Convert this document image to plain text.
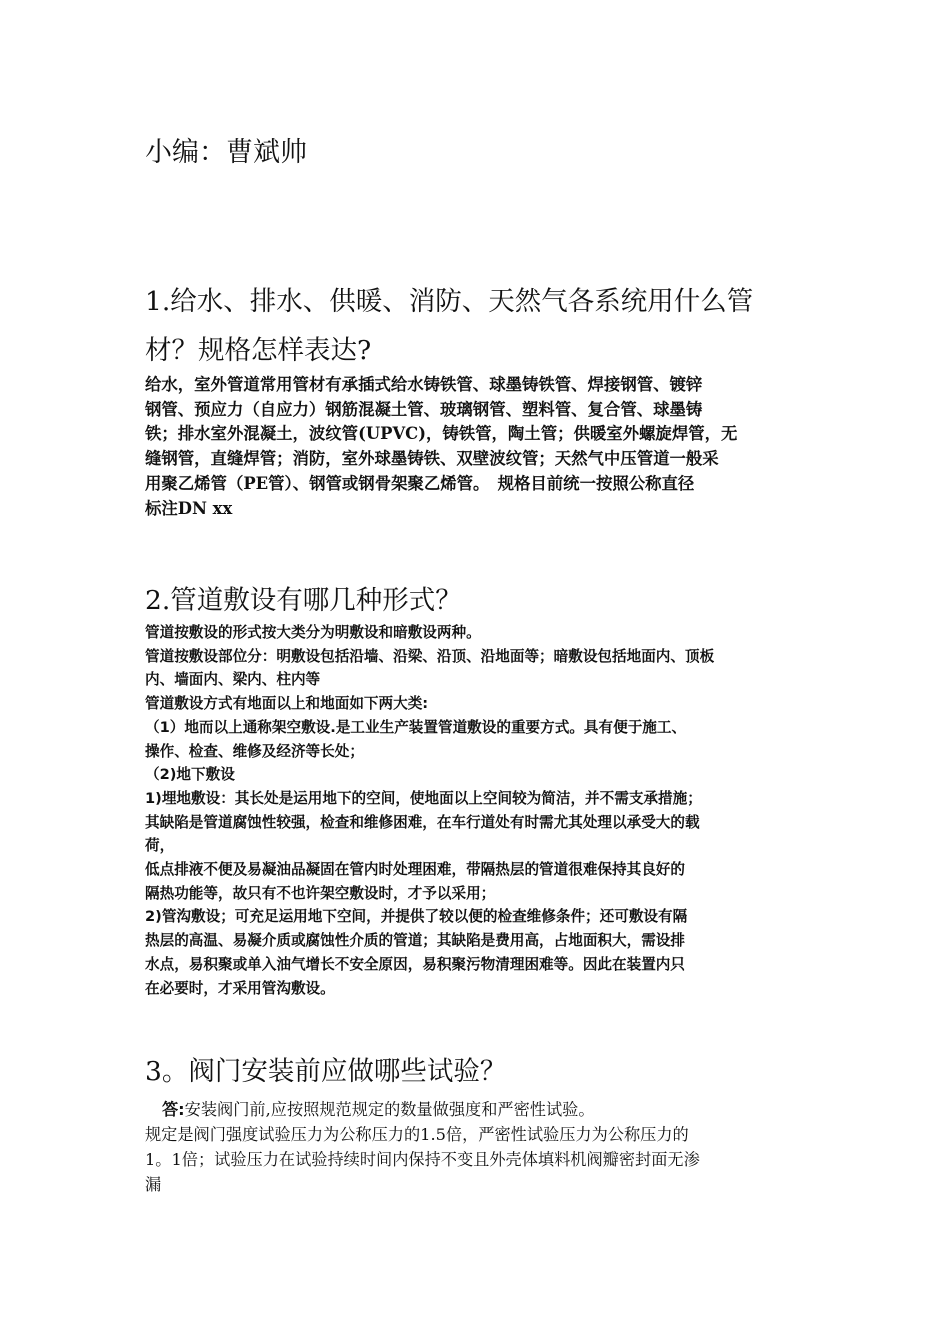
小编：曹斌帅
1.给水、排水、供暖、消防、天然气各系统用什么管
材？规格怎样表达?
给水，室外管道常用管材有承插式给水铸铁管、球墨铸铁管、焊接钢管、镀锌
钢管、预应力（自应力）钢筋混凝土管、玻璃钢管、塑料管、复合管、球墨铸
铁；排水室外混凝土，波纹管(UPVC)，铸铁管，陶土管；供暖室外螺旋焊管，无
缝钢管，直缝焊管；消防，室外球墨铸铁、双壁波纹管；天然气中压管道一般采
用聚乙烯管（PE管）、钢管或钢骨架聚乙烯管。　规格目前统一按照公称直径
标注DN xx
2.管道敷设有哪几种形式？
管道按敷设的形式按大类分为明敷设和暗敷设两种。
管道按敷设部位分：明敷设包括沿墙、沿梁、沿顶、沿地面等；暗敷设包括地面内、顶板
内、墙面内、梁内、柱内等
管道敷设方式有地面以上和地面如下两大类:
（1）地而以上通称架空敷设.是工业生产装置管道敷设的重要方式。具有便于施工、
操作、检查、维修及经济等长处；
（2)地下敷设
1)埋地敷设：其长处是运用地下的空间，使地面以上空间较为简洁，并不需支承措施；
其缺陷是管道腐蚀性较强，检查和维修困难，在车行道处有时需尤其处理以承受大的载
荷，
低点排液不便及易凝油品凝固在管内时处理困难，带隔热层的管道很难保持其良好的
隔热功能等，故只有不也许架空敷设时，才予以采用；
2)管沟敷设；可充足运用地下空间，并提供了较以便的检查维修条件；还可敷设有隔
热层的高温、易凝介质或腐蚀性介质的管道；其缺陷是费用高，占地面积大，需设排
水点，易积聚或单入油气增长不安全原因，易积聚污物清理困难等。因此在装置内只
在必要时，才采用管沟敷设。
3。阀门安装前应做哪些试验？
答:安装阀门前,应按照规范规定的数量做强度和严密性试验。
规定是阀门强度试验压力为公称压力的1.5倍，严密性试验压力为公称压力的
1。1倍；试验压力在试验持续时间内保持不变且外壳体填料机阀瓣密封面无渗
漏
